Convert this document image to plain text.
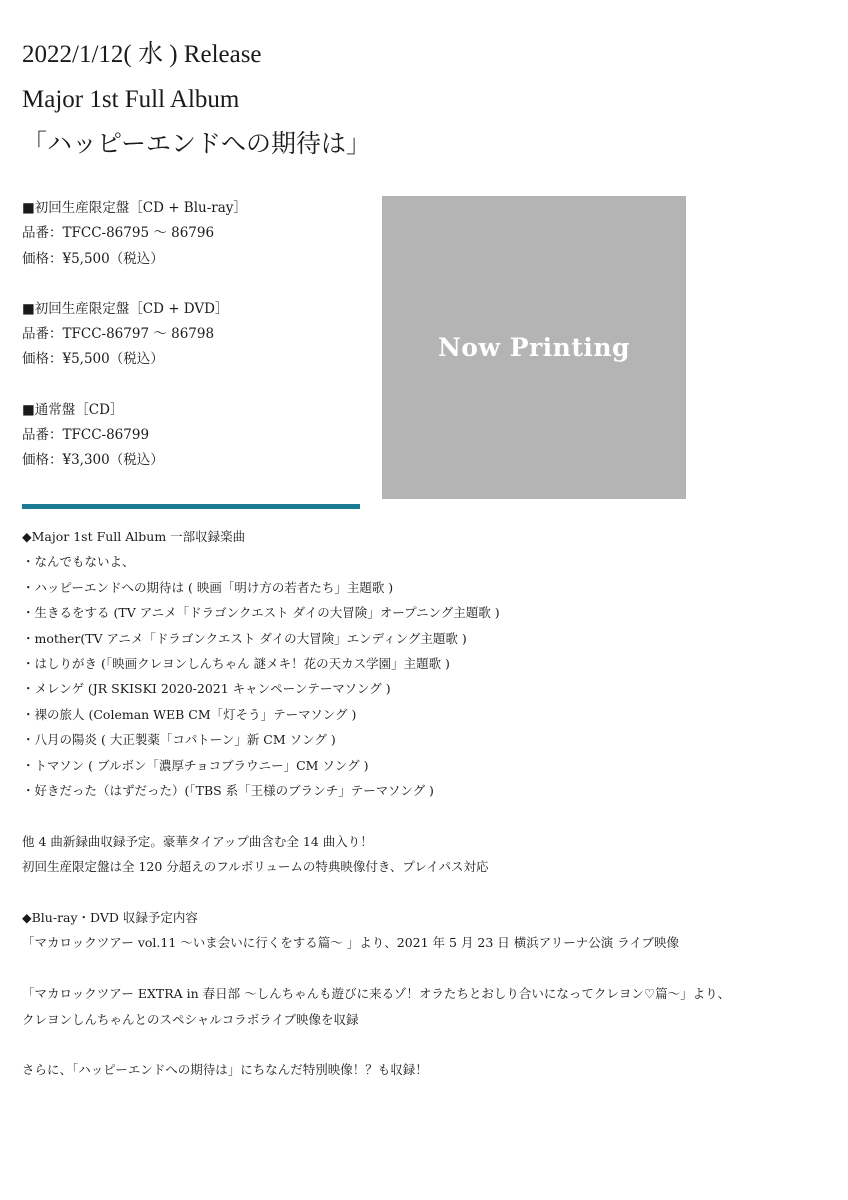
2022/1/12( 水 ) Release
Major 1st Full Album
「ハッピーエンドへの期待は」
■初回生産限定盤［CD + Blu-ray］
品番：TFCC-86795 〜 86796
価格：¥5,500（税込）
■初回生産限定盤［CD + DVD］
品番：TFCC-86797 〜 86798
価格：¥5,500（税込）
■通常盤［CD］
品番：TFCC-86799
価格：¥3,300（税込）
Now Printing
◆Major 1st Full Album 一部収録楽曲
・なんでもないよ、
・ハッピーエンドへの期待は ( 映画「明け方の若者たち」主題歌 )
・生きるをする (TV アニメ「ドラゴンクエスト ダイの大冒険」オープニング主題歌 )
・mother(TV アニメ「ドラゴンクエスト ダイの大冒険」エンディング主題歌 )
・はしりがき (「映画クレヨンしんちゃん 謎メキ！花の天カス学園」主題歌 )
・メレンゲ (JR SKISKI 2020-2021 キャンペーンテーマソング )
・裸の旅人 (Coleman WEB CM「灯そう」テーマソング )
・八月の陽炎 ( 大正製薬「コパトーン」新 CM ソング )
・トマソン ( ブルボン「濃厚チョコブラウニー」CM ソング )
・好きだった（はずだった）(「TBS 系「王様のブランチ」テーマソング )
他 4 曲新録曲収録予定。豪華タイアップ曲含む全 14 曲入り！
初回生産限定盤は全 120 分超えのフルボリュームの特典映像付き、プレイパス対応
◆Blu-ray・DVD 収録予定内容
「マカロックツアー vol.11 〜いま会いに行くをする篇〜 」より、2021 年 5 月 23 日 横浜アリーナ公演 ライブ映像
「マカロックツアー EXTRA in 春日部 〜しんちゃんも遊びに来るゾ！オラたちとおしり合いになってクレヨン♡篇〜」より、
クレヨンしんちゃんとのスペシャルコラボライブ映像を収録
さらに、「ハッピーエンドへの期待は」にちなんだ特別映像！？も収録！
